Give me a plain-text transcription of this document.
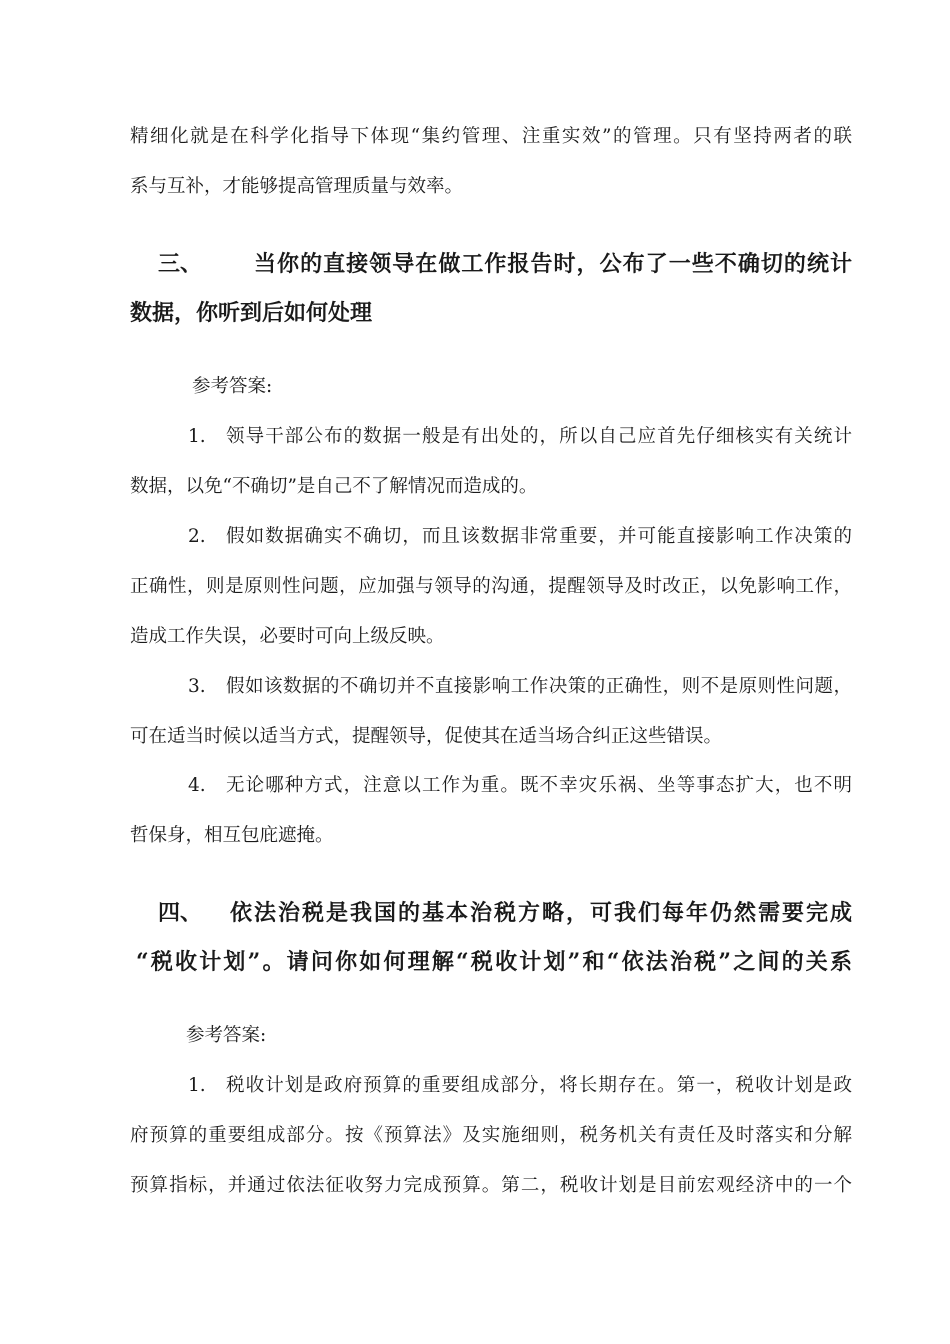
精细化就是在科学化指导下体现“集约管理、注重实效”的管理。只有坚持两者的联
系与互补，才能够提高管理质量与效率。
三、 当你的直接领导在做工作报告时，公布了一些不确切的统计
数据，你听到后如何处理
参考答案:
1. 领导干部公布的数据一般是有出处的，所以自己应首先仔细核实有关统计
数据，以免“不确切”是自己不了解情况而造成的。
2. 假如数据确实不确切，而且该数据非常重要，并可能直接影响工作决策的
正确性，则是原则性问题，应加强与领导的沟通，提醒领导及时改正，以免影响工作，
造成工作失误，必要时可向上级反映。
3. 假如该数据的不确切并不直接影响工作决策的正确性，则不是原则性问题，
可在适当时候以适当方式，提醒领导，促使其在适当场合纠正这些错误。
4. 无论哪种方式，注意以工作为重。既不幸灾乐祸、坐等事态扩大，也不明
哲保身，相互包庇遮掩。
四、 依法治税是我国的基本治税方略，可我们每年仍然需要完成
“税收计划”。请问你如何理解“税收计划”和“依法治税”之间的关系
参考答案:
1. 税收计划是政府预算的重要组成部分，将长期存在。第一，税收计划是政
府预算的重要组成部分。按《预算法》及实施细则，税务机关有责任及时落实和分解
预算指标，并通过依法征收努力完成预算。第二，税收计划是目前宏观经济中的一个
